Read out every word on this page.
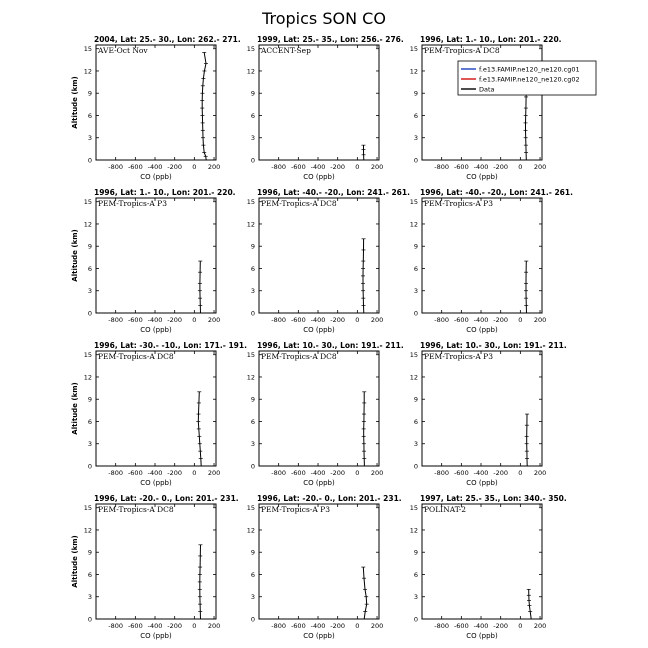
Tropics SON CO
2004, Lat: 25.- 30., Lon: 262.- 271.
AVE-Oct Nov
-800 -600 -400 -200 0 200
0
3
6
9
12
15
CO (ppb)
Altitude (km)
1999, Lat: 25.- 35., Lon: 256.- 276.
ACCENT-Sep
-800 -600 -400 -200 0 200
0
3
6
9
12
15
CO (ppb)
1996, Lat: 1.- 10., Lon: 201.- 220.
PEM-Tropics-A DC8
-800 -600 -400 -200 0 200
0
3
6
9
12
15
CO (ppb)
1996, Lat: 1.- 10., Lon: 201.- 220.
PEM-Tropics-A P3
-800 -600 -400 -200 0 200
0
3
6
9
12
15
CO (ppb)
Altitude (km)
1996, Lat: -40.- -20., Lon: 241.- 261.
PEM-Tropics-A DC8
-800 -600 -400 -200 0 200
0
3
6
9
12
15
CO (ppb)
1996, Lat: -40.- -20., Lon: 241.- 261.
PEM-Tropics-A P3
-800 -600 -400 -200 0 200
0
3
6
9
12
15
CO (ppb)
1996, Lat: -30.- -10., Lon: 171.- 191.
PEM-Tropics-A DC8
-800 -600 -400 -200 0 200
0
3
6
9
12
15
CO (ppb)
Altitude (km)
1996, Lat: 10.- 30., Lon: 191.- 211.
PEM-Tropics-A DC8
-800 -600 -400 -200 0 200
0
3
6
9
12
15
CO (ppb)
1996, Lat: 10.- 30., Lon: 191.- 211.
PEM-Tropics-A P3
-800 -600 -400 -200 0 200
0
3
6
9
12
15
CO (ppb)
1996, Lat: -20.- 0., Lon: 201.- 231.
PEM-Tropics-A DC8
-800 -600 -400 -200 0 200
0
3
6
9
12
15
CO (ppb)
Altitude (km)
1996, Lat: -20.- 0., Lon: 201.- 231.
PEM-Tropics-A P3
-800 -600 -400 -200 0 200
0
3
6
9
12
15
CO (ppb)
1997, Lat: 25.- 35., Lon: 340.- 350.
POLINAT-2
-800 -600 -400 -200 0 200
0
3
6
9
12
15
CO (ppb)
f.e13.FAMIP.ne120_ne120.cg01
f.e13.FAMIP.ne120_ne120.cg02
Data
